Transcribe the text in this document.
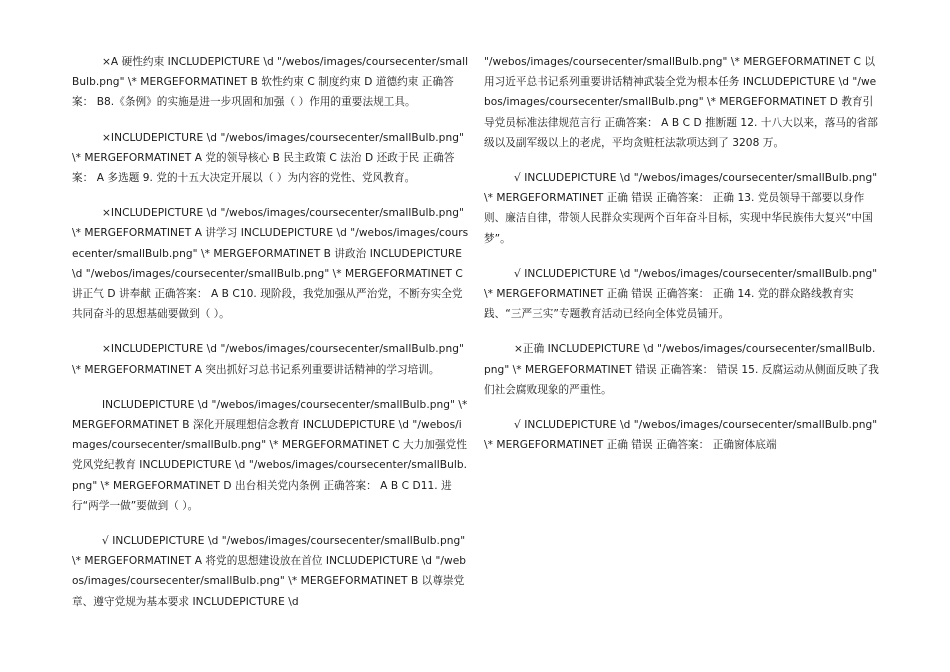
×A 硬性约束 INCLUDEPICTURE \d "/webos/images/coursecenter/smallBulb.png" \* MERGEFORMATINET B 软性约束 C 制度约束 D 道德约束 正确答案： B8.《条例》的实施是进一步巩固和加强（ ）作用的重要法规工具。

×INCLUDEPICTURE \d "/webos/images/coursecenter/smallBulb.png" \* MERGEFORMATINET A 党的领导核心 B 民主政策 C 法治 D 还政于民 正确答案： A 多选题 9. 党的十五大决定开展以（ ）为内容的党性、党风教育。

×INCLUDEPICTURE \d "/webos/images/coursecenter/smallBulb.png" \* MERGEFORMATINET A 讲学习 INCLUDEPICTURE \d "/webos/images/coursecenter/smallBulb.png" \* MERGEFORMATINET B 讲政治 INCLUDEPICTURE \d "/webos/images/coursecenter/smallBulb.png" \* MERGEFORMATINET C 讲正气 D 讲奉献 正确答案： A B C10. 现阶段，我党加强从严治党，不断夯实全党共同奋斗的思想基础要做到（ ）。

×INCLUDEPICTURE \d "/webos/images/coursecenter/smallBulb.png" \* MERGEFORMATINET A 突出抓好习总书记系列重要讲话精神的学习培训。

INCLUDEPICTURE \d "/webos/images/coursecenter/smallBulb.png" \* MERGEFORMATINET B 深化开展理想信念教育 INCLUDEPICTURE \d "/webos/images/coursecenter/smallBulb.png" \* MERGEFORMATINET C 大力加强党性党风党纪教育 INCLUDEPICTURE \d "/webos/images/coursecenter/smallBulb.png" \* MERGEFORMATINET D 出台相关党内条例 正确答案： A B C D11. 进行“两学一做”要做到（ ）。

√ INCLUDEPICTURE \d "/webos/images/coursecenter/smallBulb.png" \* MERGEFORMATINET A 将党的思想建设放在首位 INCLUDEPICTURE \d "/webos/images/coursecenter/smallBulb.png" \* MERGEFORMATINET B 以尊崇党章、遵守党规为基本要求 INCLUDEPICTURE \d

"/webos/images/coursecenter/smallBulb.png" \* MERGEFORMATINET C 以用习近平总书记系列重要讲话精神武装全党为根本任务 INCLUDEPICTURE \d "/webos/images/coursecenter/smallBulb.png" \* MERGEFORMATINET D 教育引导党员标准法律规范言行 正确答案： A B C D 推断题 12. 十八大以来，落马的省部级以及副军级以上的老虎，平均贪赃枉法款项达到了 3208 万。

√ INCLUDEPICTURE \d "/webos/images/coursecenter/smallBulb.png" \* MERGEFORMATINET 正确 错误 正确答案： 正确 13. 党员领导干部要以身作则、廉洁自律，带领人民群众实现两个百年奋斗目标，实现中华民族伟大复兴“中国梦”。

√ INCLUDEPICTURE \d "/webos/images/coursecenter/smallBulb.png" \* MERGEFORMATINET 正确 错误 正确答案： 正确 14. 党的群众路线教育实践、“三严三实”专题教育活动已经向全体党员铺开。

×正确 INCLUDEPICTURE \d "/webos/images/coursecenter/smallBulb.png" \* MERGEFORMATINET 错误 正确答案： 错误 15. 反腐运动从侧面反映了我们社会腐败现象的严重性。

√ INCLUDEPICTURE \d "/webos/images/coursecenter/smallBulb.png" \* MERGEFORMATINET 正确 错误 正确答案： 正确窗体底端
